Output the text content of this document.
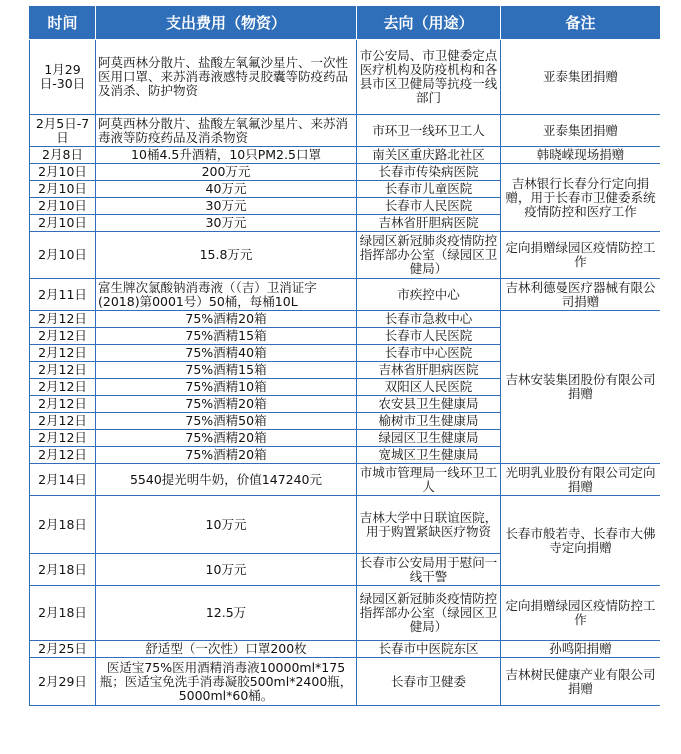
时间	支出费用（物资）	去向（用途）	备注
1月29日-30日	阿莫西林分散片、盐酸左氧氟沙星片、一次性医用口罩、来苏消毒液感特灵胶囊等防疫药品及消杀、防护物资	市公安局、市卫健委定点医疗机构及防疫机构和各县市区卫健局等抗疫一线部门	亚泰集团捐赠
2月5日-7日	阿莫西林分散片、盐酸左氧氟沙星片、来苏消毒液等防疫药品及消杀物资	市环卫一线环卫工人	亚泰集团捐赠
2月8日	10桶4.5升酒精，10只PM2.5口罩	南关区重庆路北社区	韩晓嵘现场捐赠
2月10日	200万元	长春市传染病医院	吉林银行长春分行定向捐赠，用于长春市卫健委系统疫情防控和医疗工作
2月10日	40万元	长春市儿童医院	
2月10日	30万元	长春市人民医院	
2月10日	30万元	吉林省肝胆病医院	
2月10日	15.8万元	绿园区新冠肺炎疫情防控指挥部办公室（绿园区卫健局）	定向捐赠绿园区疫情防控工作
2月11日	富生牌次氯酸钠消毒液（（吉）卫消证字(2018)第0001号）50桶，每桶10L	市疾控中心	吉林利德曼医疗器械有限公司捐赠
2月12日	75%酒精20箱	长春市急救中心	吉林安装集团股份有限公司捐赠
2月12日	75%酒精15箱	长春市人民医院	
2月12日	75%酒精40箱	长春市中心医院	
2月12日	75%酒精15箱	吉林省肝胆病医院	
2月12日	75%酒精10箱	双阳区人民医院	
2月12日	75%酒精20箱	农安县卫生健康局	
2月12日	75%酒精50箱	榆树市卫生健康局	
2月12日	75%酒精20箱	绿园区卫生健康局	
2月12日	75%酒精20箱	宽城区卫生健康局	
2月14日	5540提光明牛奶，价值147240元	市城市管理局一线环卫工人	光明乳业股份有限公司定向捐赠
2月18日	10万元	吉林大学中日联谊医院，用于购置紧缺医疗物资	长春市般若寺、长春市大佛寺定向捐赠
2月18日	10万元	长春市公安局用于慰问一线干警	
2月18日	12.5万	绿园区新冠肺炎疫情防控指挥部办公室（绿园区卫健局）	定向捐赠绿园区疫情防控工作
2月25日	舒适型（一次性）口罩200枚	长春市中医院东区	孙鸣阳捐赠
2月29日	医适宝75%医用酒精消毒液10000ml*175瓶；医适宝免洗手消毒凝胶500ml*2400瓶，5000ml*60桶。	长春市卫健委	吉林树民健康产业有限公司捐赠
